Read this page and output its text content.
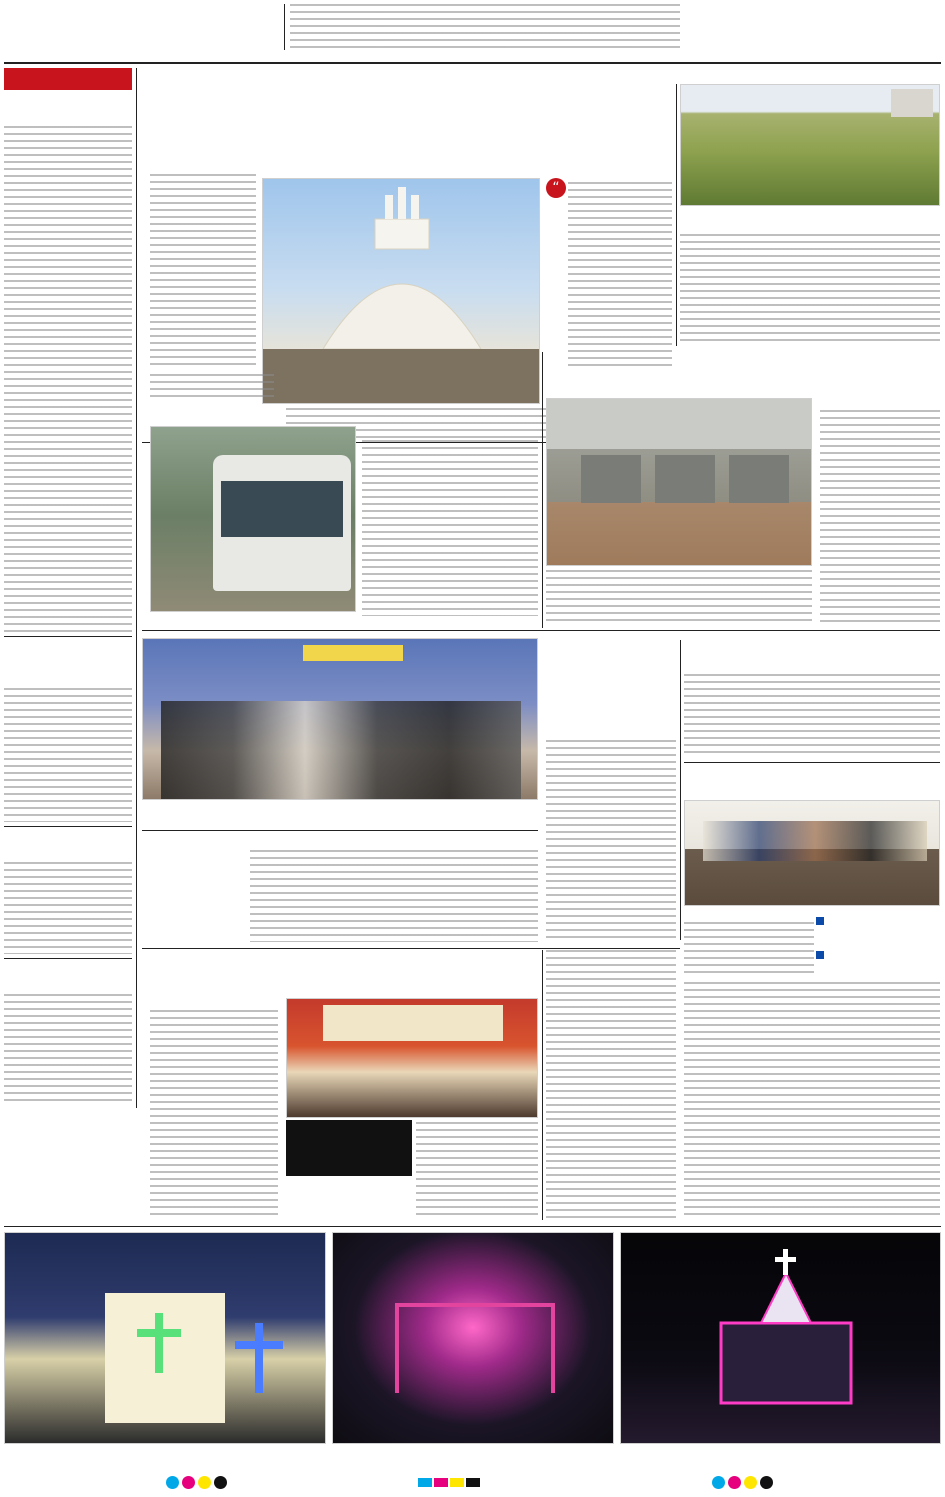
“
